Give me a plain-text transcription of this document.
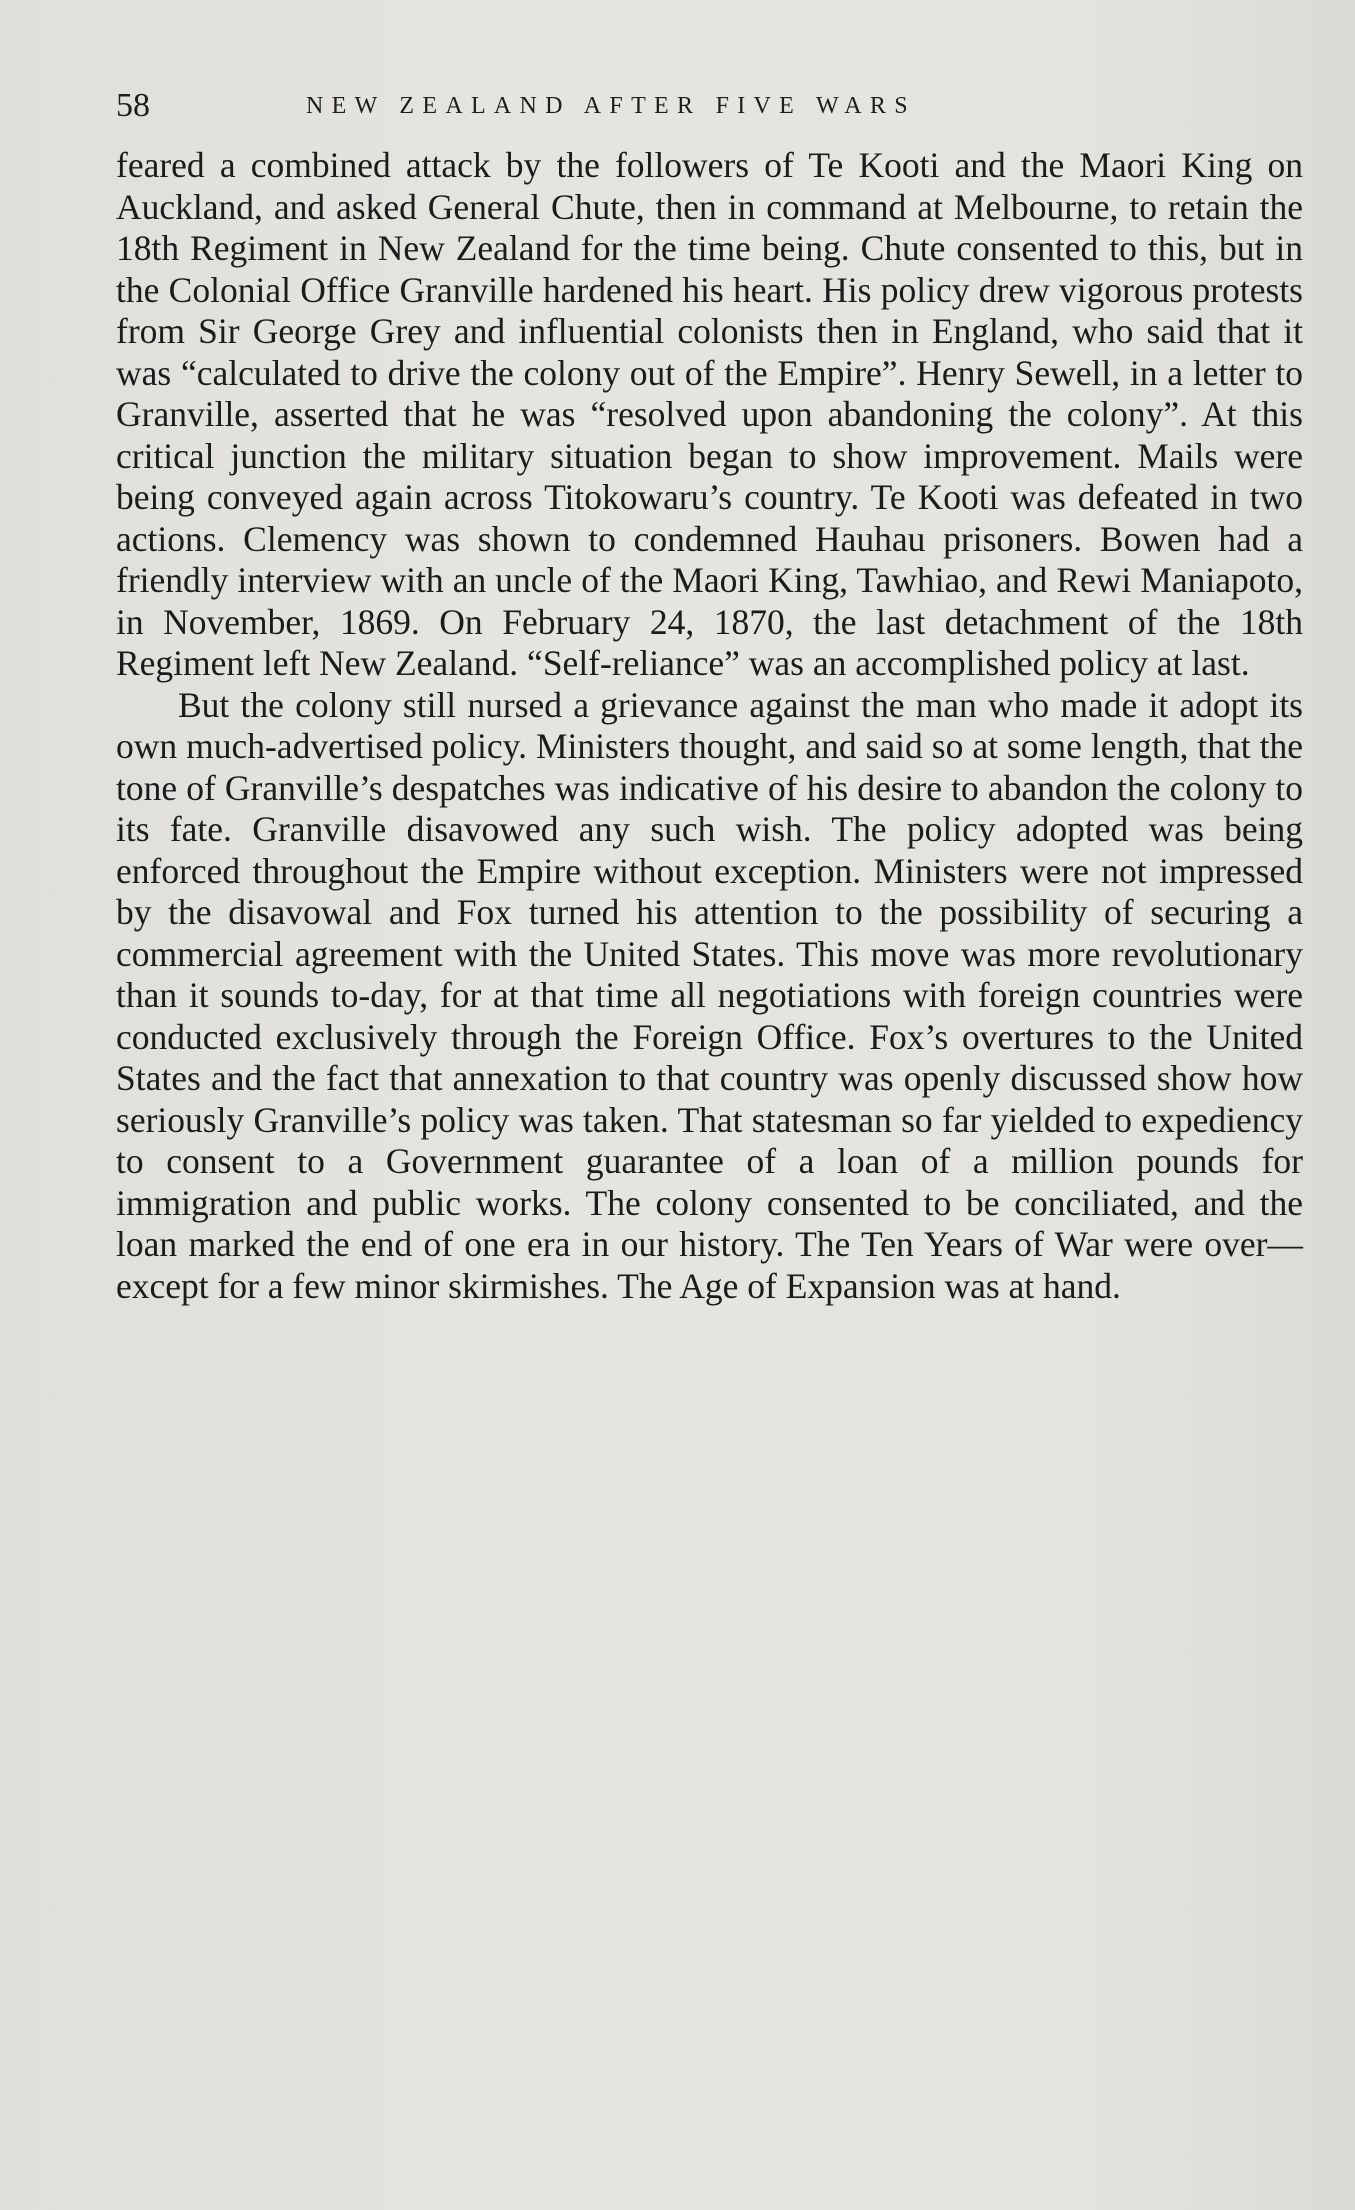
58	NEW ZEALAND AFTER FIVE WARS

feared a combined attack by the followers of Te Kooti and the Maori King on Auckland, and asked General Chute, then in command at Melbourne, to retain the 18th Regiment in New Zealand for the time being. Chute consented to this, but in the Colonial Office Granville hardened his heart. His policy drew vigorous protests from Sir George Grey and influential colonists then in England, who said that it was “calculated to drive the colony out of the Empire”. Henry Sewell, in a letter to Granville, asserted that he was “resolved upon abandoning the colony”. At this critical junction the military situation began to show improvement. Mails were being conveyed again across Titokowaru’s country. Te Kooti was defeated in two actions. Clemency was shown to condemned Hauhau prisoners. Bowen had a friendly interview with an uncle of the Maori King, Tawhiao, and Rewi Maniapoto, in November, 1869. On February 24, 1870, the last detachment of the 18th Regiment left New Zealand. “Self-reliance” was an accomplished policy at last.

But the colony still nursed a grievance against the man who made it adopt its own much-advertised policy. Ministers thought, and said so at some length, that the tone of Granville’s despatches was indicative of his desire to abandon the colony to its fate. Granville disavowed any such wish. The policy adopted was being enforced throughout the Empire without exception. Ministers were not impressed by the disavowal and Fox turned his attention to the possibility of securing a commercial agreement with the United States. This move was more revolutionary than it sounds to-day, for at that time all negotiations with foreign countries were conducted exclusively through the Foreign Office. Fox’s overtures to the United States and the fact that annexation to that country was openly discussed show how seriously Granville’s policy was taken. That statesman so far yielded to expediency to consent to a Government guarantee of a loan of a million pounds for immigration and public works. The colony consented to be conciliated, and the loan marked the end of one era in our history. The Ten Years of War were over—except for a few minor skirmishes. The Age of Expansion was at hand.
